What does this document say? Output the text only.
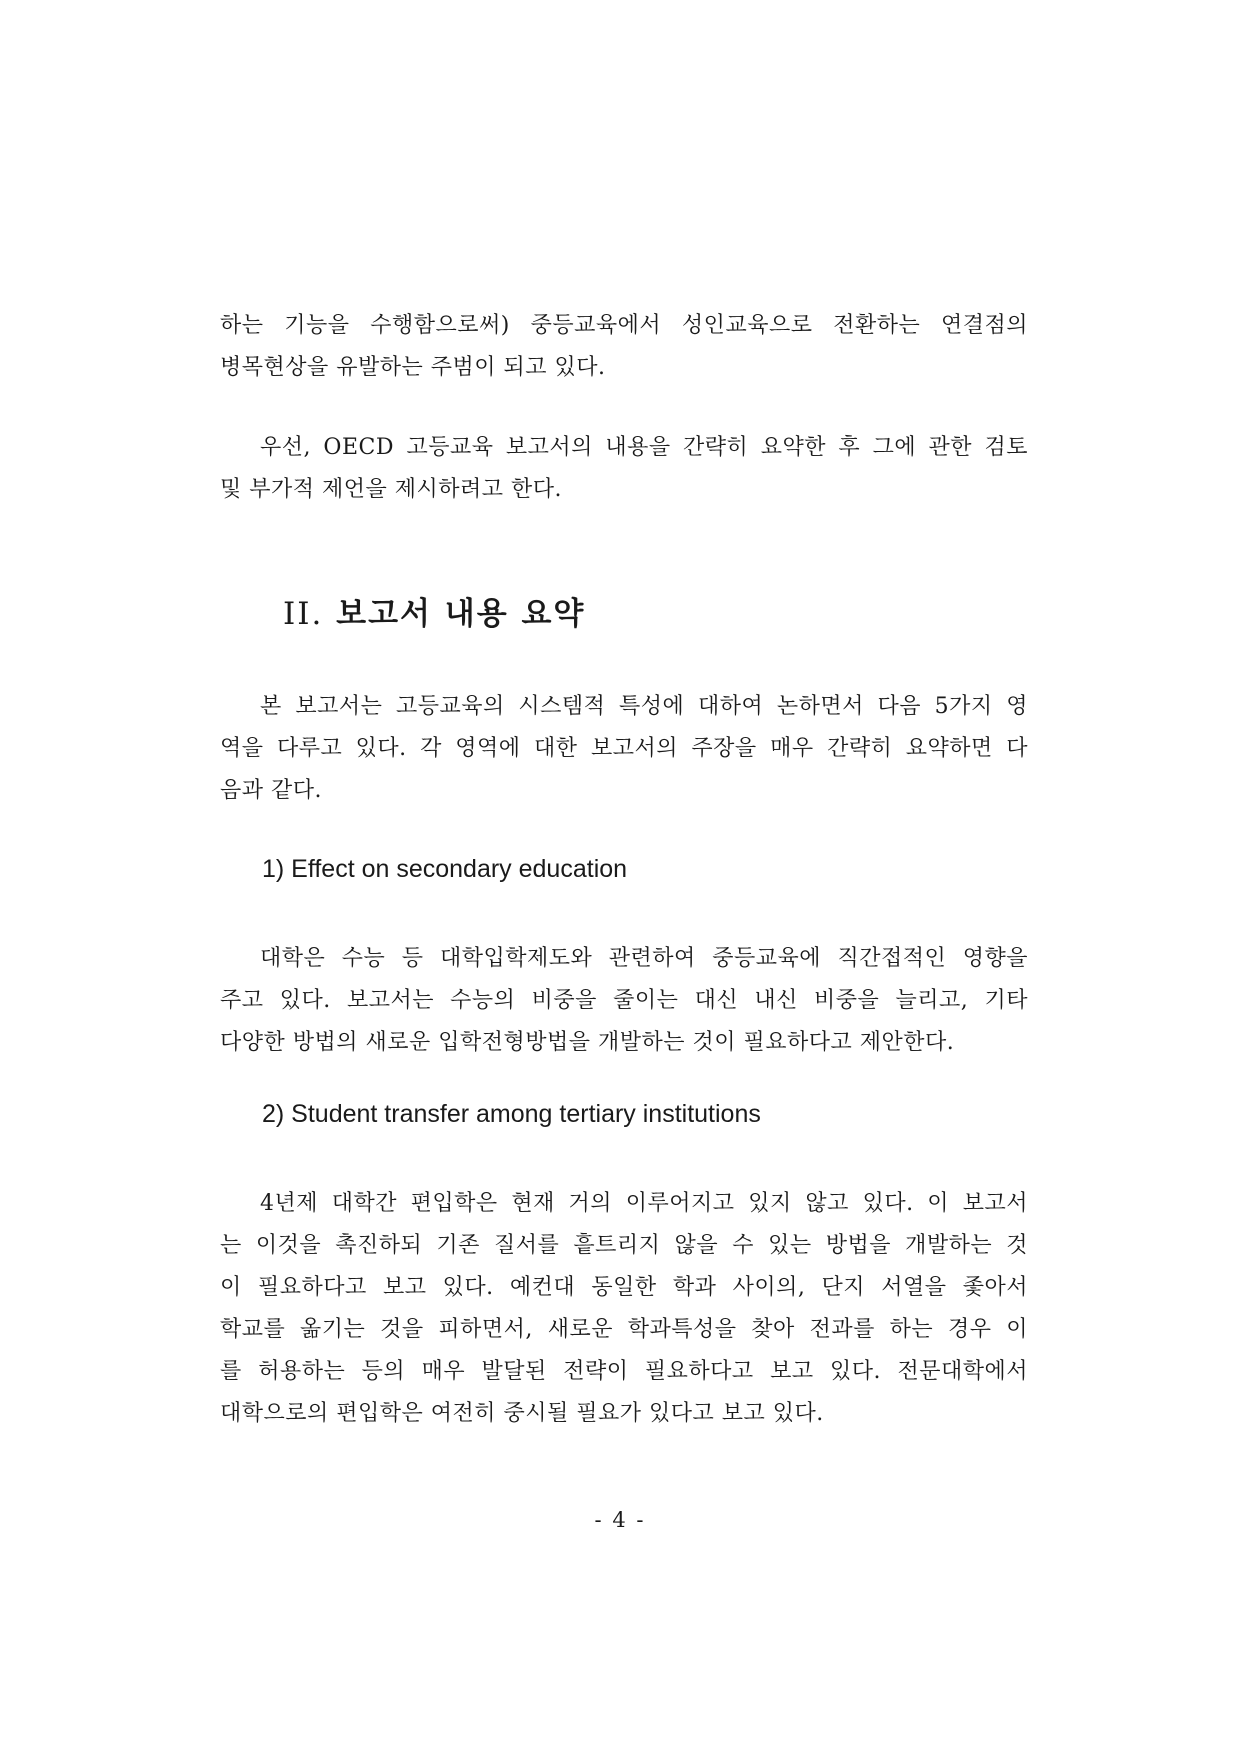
하는 기능을 수행함으로써) 중등교육에서 성인교육으로 전환하는 연결점의
병목현상을 유발하는 주범이 되고 있다.

우선, OECD 고등교육 보고서의 내용을 간략히 요약한 후 그에 관한 검토
및 부가적 제언을 제시하려고 한다.

II. 보고서 내용 요약

본 보고서는 고등교육의 시스템적 특성에 대하여 논하면서 다음 5가지 영
역을 다루고 있다. 각 영역에 대한 보고서의 주장을 매우 간략히 요약하면 다
음과 같다.

1) Effect on secondary education

대학은 수능 등 대학입학제도와 관련하여 중등교육에 직간접적인 영향을
주고 있다. 보고서는 수능의 비중을 줄이는 대신 내신 비중을 늘리고, 기타
다양한 방법의 새로운 입학전형방법을 개발하는 것이 필요하다고 제안한다.

2) Student transfer among tertiary institutions

4년제 대학간 편입학은 현재 거의 이루어지고 있지 않고 있다. 이 보고서
는 이것을 촉진하되 기존 질서를 흩트리지 않을 수 있는 방법을 개발하는 것
이 필요하다고 보고 있다. 예컨대 동일한 학과 사이의, 단지 서열을 좇아서
학교를 옮기는 것을 피하면서, 새로운 학과특성을 찾아 전과를 하는 경우 이
를 허용하는 등의 매우 발달된 전략이 필요하다고 보고 있다. 전문대학에서
대학으로의 편입학은 여전히 중시될 필요가 있다고 보고 있다.

- 4 -
